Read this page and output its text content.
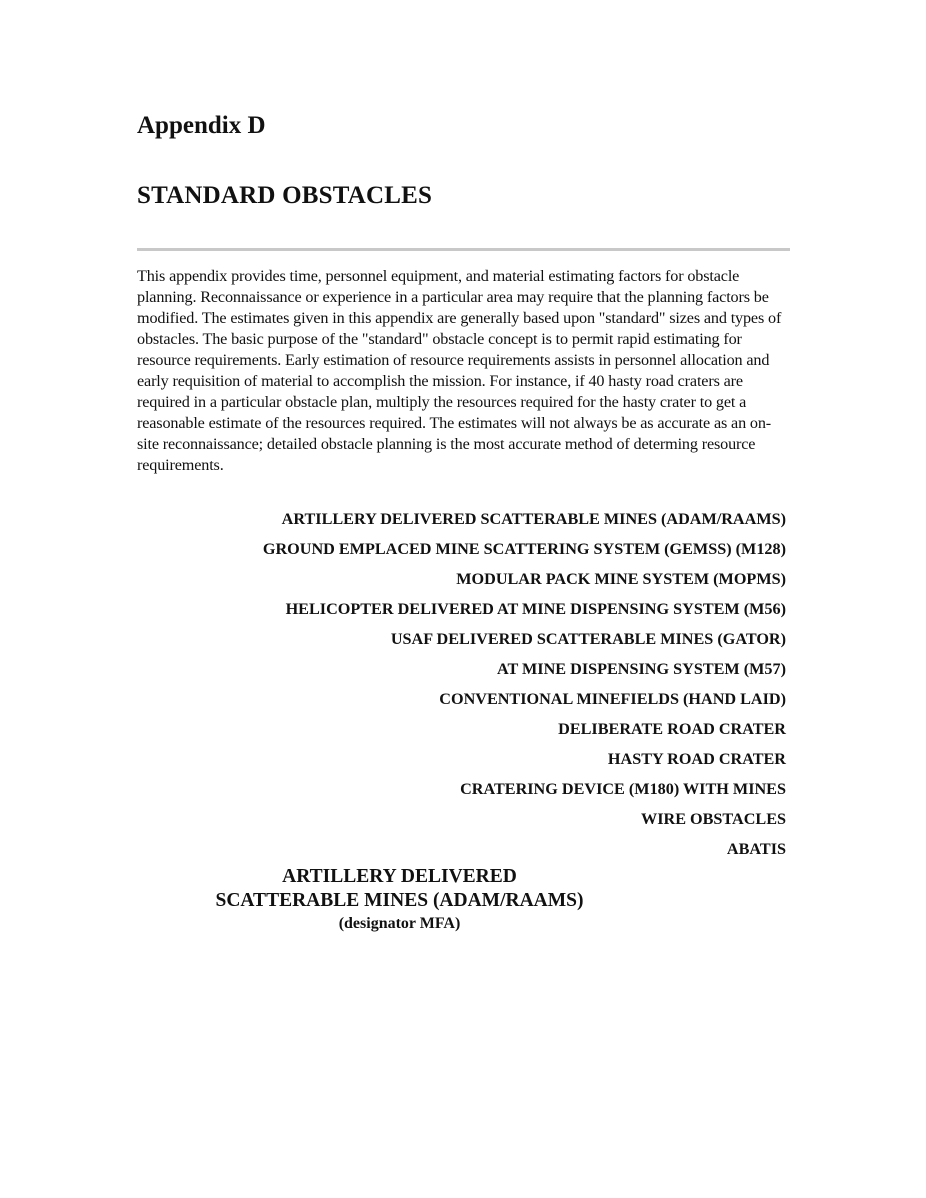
Appendix D
STANDARD OBSTACLES

This appendix provides time, personnel equipment, and material estimating factors for obstacle planning. Reconnaissance or experience in a particular area may require that the planning factors be modified. The estimates given in this appendix are generally based upon "standard" sizes and types of obstacles. The basic purpose of the "standard" obstacle concept is to permit rapid estimating for resource requirements. Early estimation of resource requirements assists in personnel allocation and early requisition of material to accomplish the mission. For instance, if 40 hasty road craters are required in a particular obstacle plan, multiply the resources required for the hasty crater to get a reasonable estimate of the resources required. The estimates will not always be as accurate as an on-site reconnaissance; detailed obstacle planning is the most accurate method of determing resource requirements.

ARTILLERY DELIVERED SCATTERABLE MINES (ADAM/RAAMS)
GROUND EMPLACED MINE SCATTERING SYSTEM (GEMSS) (M128)
MODULAR PACK MINE SYSTEM (MOPMS)
HELICOPTER DELIVERED AT MINE DISPENSING SYSTEM (M56)
USAF DELIVERED SCATTERABLE MINES (GATOR)
AT MINE DISPENSING SYSTEM (M57)
CONVENTIONAL MINEFIELDS (HAND LAID)
DELIBERATE ROAD CRATER
HASTY ROAD CRATER
CRATERING DEVICE (M180) WITH MINES
WIRE OBSTACLES
ABATIS
ARTILLERY DELIVERED
SCATTERABLE MINES (ADAM/RAAMS)
(designator MFA)
